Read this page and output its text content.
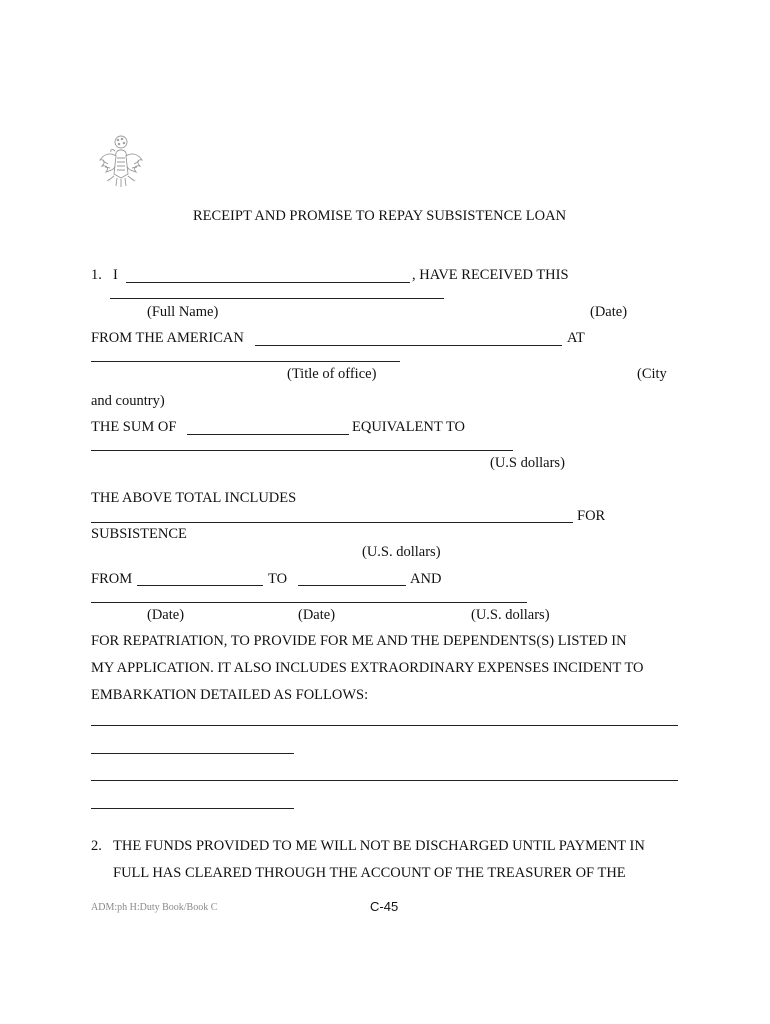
RECEIPT AND PROMISE TO REPAY SUBSISTENCE LOAN
1. I	, HAVE RECEIVED THIS
(Full Name)	(Date)
FROM THE AMERICAN	AT
(Title of office)	(City
and country)
THE SUM OF	EQUIVALENT TO
(U.S dollars)
THE ABOVE TOTAL INCLUDES
FOR
SUBSISTENCE
(U.S. dollars)
FROM	TO	AND
(Date)	(Date)	(U.S. dollars)
FOR REPATRIATION, TO PROVIDE FOR ME AND THE DEPENDENTS(S) LISTED IN
MY APPLICATION. IT ALSO INCLUDES EXTRAORDINARY EXPENSES INCIDENT TO
EMBARKATION DETAILED AS FOLLOWS:
2. THE FUNDS PROVIDED TO ME WILL NOT BE DISCHARGED UNTIL PAYMENT IN
FULL HAS CLEARED THROUGH THE ACCOUNT OF THE TREASURER OF THE
ADM:ph H:Duty Book/Book C	C-45
